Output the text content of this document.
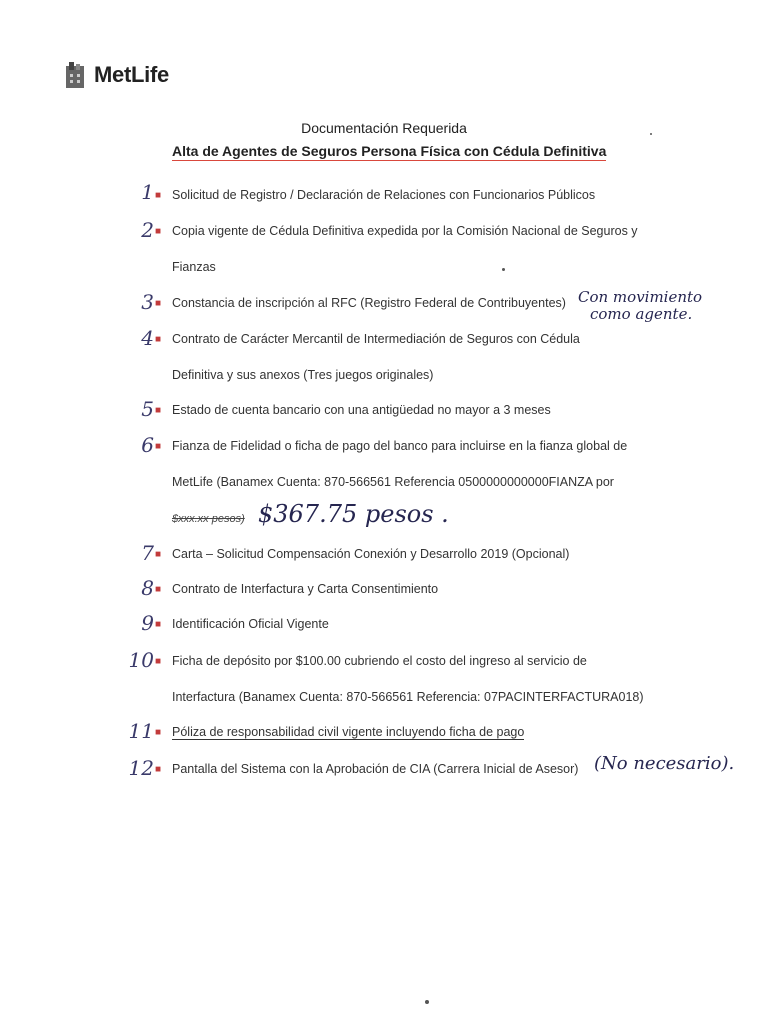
MetLife
Documentación Requerida
Alta de Agentes de Seguros Persona Física con Cédula Definitiva
1 ■ Solicitud de Registro / Declaración de Relaciones con Funcionarios Públicos
2 ■ Copia vigente de Cédula Definitiva expedida por la Comisión Nacional de Seguros y
Fianzas
3 ■ Constancia de inscripción al RFC (Registro Federal de Contribuyentes) Con movimiento
como agente.
4 ■ Contrato de Carácter Mercantil de Intermediación de Seguros con Cédula
Definitiva y sus anexos (Tres juegos originales)
5 ■ Estado de cuenta bancario con una antigüedad no mayor a 3 meses
6 ■ Fianza de Fidelidad o ficha de pago del banco para incluirse en la fianza global de
MetLife (Banamex Cuenta: 870-566561 Referencia 0500000000000FIANZA por
$xxx.xx pesos) $367.75 pesos .
7 ■ Carta – Solicitud Compensación Conexión y Desarrollo 2019 (Opcional)
8 ■ Contrato de Interfactura y Carta Consentimiento
9 ■ Identificación Oficial Vigente
10 ■ Ficha de depósito por $100.00 cubriendo el costo del ingreso al servicio de
Interfactura (Banamex Cuenta: 870-566561 Referencia: 07PACINTERFACTURA018)
11 ■ Póliza de responsabilidad civil vigente incluyendo ficha de pago
12 ■ Pantalla del Sistema con la Aprobación de CIA (Carrera Inicial de Asesor) (No necesario).
